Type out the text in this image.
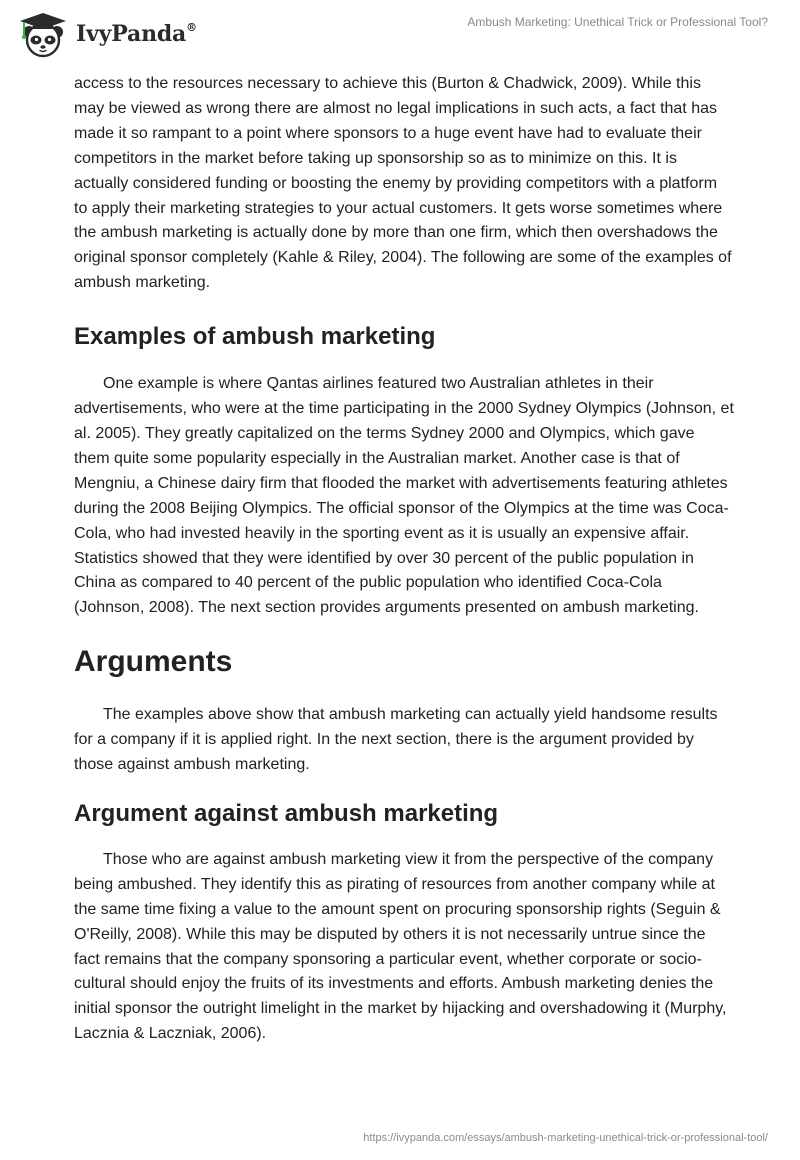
IvyPanda®	Ambush Marketing: Unethical Trick or Professional Tool?

access to the resources necessary to achieve this (Burton & Chadwick, 2009). While this may be viewed as wrong there are almost no legal implications in such acts, a fact that has made it so rampant to a point where sponsors to a huge event have had to evaluate their competitors in the market before taking up sponsorship so as to minimize on this. It is actually considered funding or boosting the enemy by providing competitors with a platform to apply their marketing strategies to your actual customers. It gets worse sometimes where the ambush marketing is actually done by more than one firm, which then overshadows the original sponsor completely (Kahle & Riley, 2004). The following are some of the examples of ambush marketing.

Examples of ambush marketing

One example is where Qantas airlines featured two Australian athletes in their advertisements, who were at the time participating in the 2000 Sydney Olympics (Johnson, et al. 2005). They greatly capitalized on the terms Sydney 2000 and Olympics, which gave them quite some popularity especially in the Australian market. Another case is that of Mengniu, a Chinese dairy firm that flooded the market with advertisements featuring athletes during the 2008 Beijing Olympics. The official sponsor of the Olympics at the time was Coca-Cola, who had invested heavily in the sporting event as it is usually an expensive affair. Statistics showed that they were identified by over 30 percent of the public population in China as compared to 40 percent of the public population who identified Coca-Cola (Johnson, 2008). The next section provides arguments presented on ambush marketing.

Arguments

The examples above show that ambush marketing can actually yield handsome results for a company if it is applied right. In the next section, there is the argument provided by those against ambush marketing.

Argument against ambush marketing

Those who are against ambush marketing view it from the perspective of the company being ambushed. They identify this as pirating of resources from another company while at the same time fixing a value to the amount spent on procuring sponsorship rights (Seguin & O'Reilly, 2008). While this may be disputed by others it is not necessarily untrue since the fact remains that the company sponsoring a particular event, whether corporate or socio-cultural should enjoy the fruits of its investments and efforts. Ambush marketing denies the initial sponsor the outright limelight in the market by hijacking and overshadowing it (Murphy, Lacznia & Laczniak, 2006).

https://ivypanda.com/essays/ambush-marketing-unethical-trick-or-professional-tool/
